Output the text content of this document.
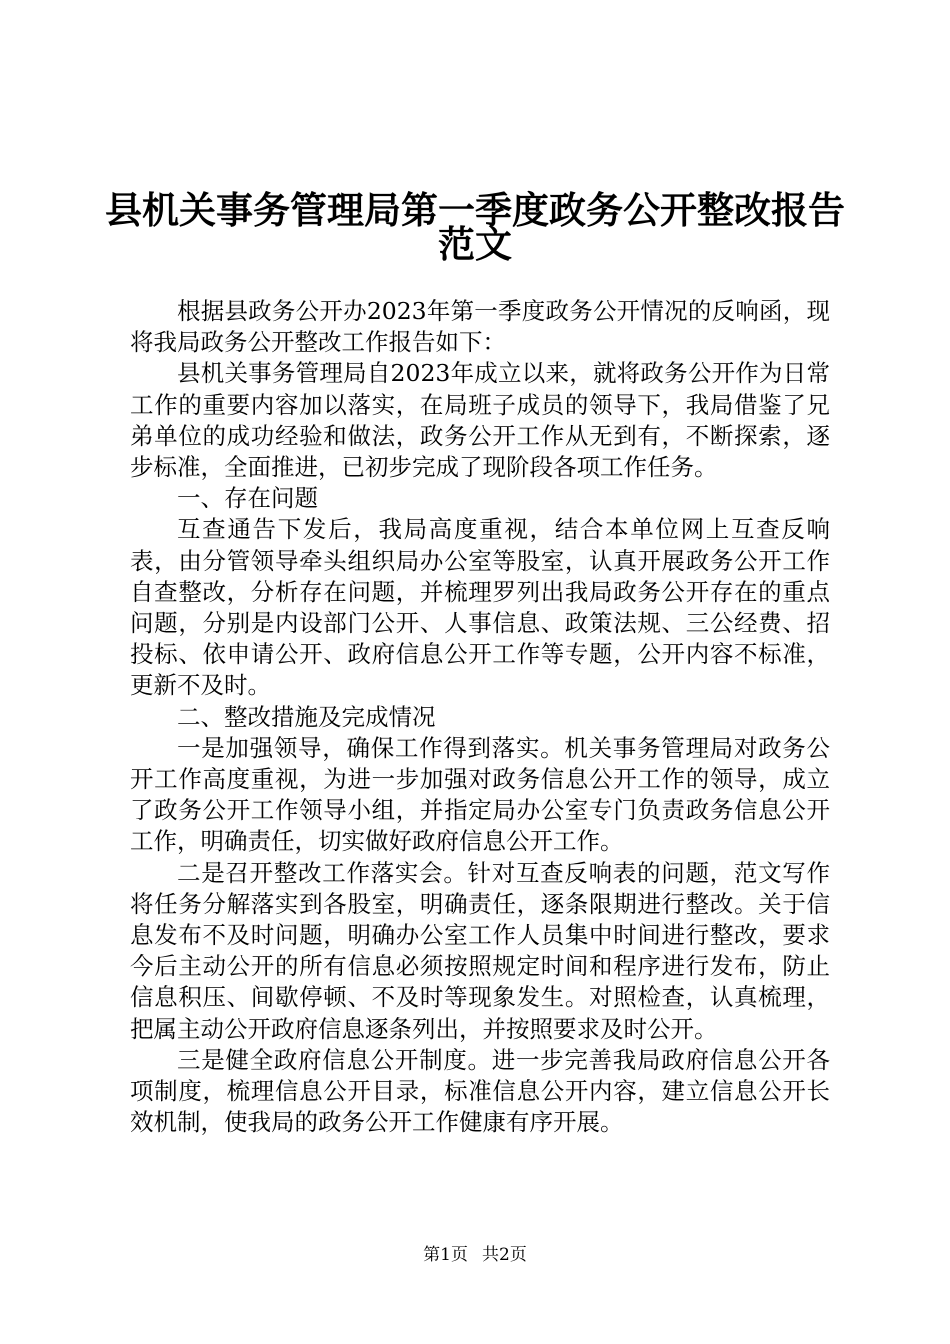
县机关事务管理局第一季度政务公开整改报告
范文

根据县政务公开办2023年第一季度政务公开情况的反响函，现将我局政务公开整改工作报告如下：

县机关事务管理局自2023年成立以来，就将政务公开作为日常工作的重要内容加以落实，在局班子成员的领导下，我局借鉴了兄弟单位的成功经验和做法，政务公开工作从无到有，不断探索，逐步标准，全面推进，已初步完成了现阶段各项工作任务。

一、存在问题

互查通告下发后，我局高度重视，结合本单位网上互查反响表，由分管领导牵头组织局办公室等股室，认真开展政务公开工作自查整改，分析存在问题，并梳理罗列出我局政务公开存在的重点问题，分别是内设部门公开、人事信息、政策法规、三公经费、招投标、依申请公开、政府信息公开工作等专题，公开内容不标准，更新不及时。

二、整改措施及完成情况

一是加强领导，确保工作得到落实。机关事务管理局对政务公开工作高度重视，为进一步加强对政务信息公开工作的领导，成立了政务公开工作领导小组，并指定局办公室专门负责政务信息公开工作，明确责任，切实做好政府信息公开工作。

二是召开整改工作落实会。针对互查反响表的问题，范文写作将任务分解落实到各股室，明确责任，逐条限期进行整改。关于信息发布不及时问题，明确办公室工作人员集中时间进行整改，要求今后主动公开的所有信息必须按照规定时间和程序进行发布，防止信息积压、间歇停顿、不及时等现象发生。对照检查，认真梳理，把属主动公开政府信息逐条列出，并按照要求及时公开。

三是健全政府信息公开制度。进一步完善我局政府信息公开各项制度，梳理信息公开目录，标准信息公开内容，建立信息公开长效机制，使我局的政务公开工作健康有序开展。

第1页 共2页
